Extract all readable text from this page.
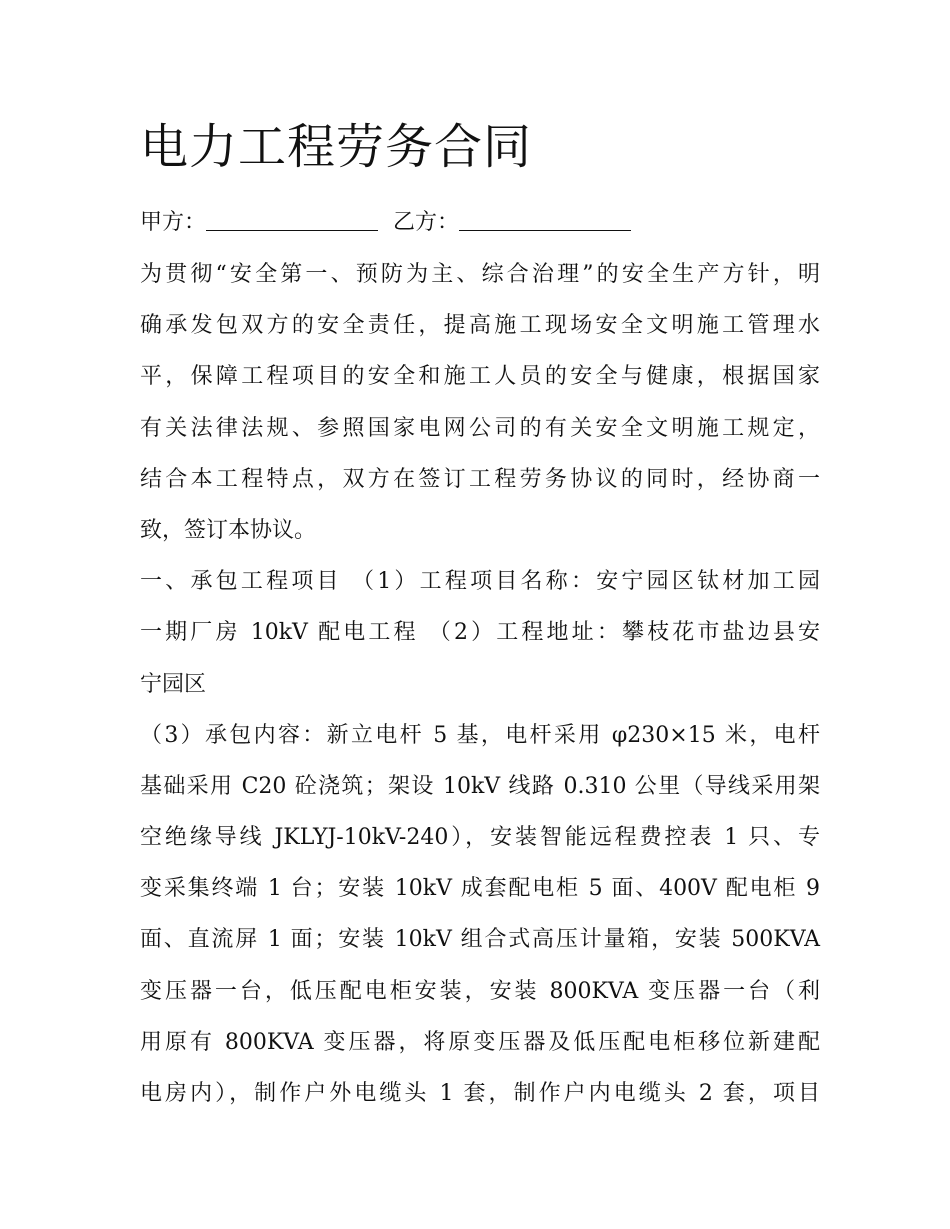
电力工程劳务合同
甲方：	乙方：
为贯彻“安全第一、预防为主、综合治理”的安全生产方针，明
确承发包双方的安全责任，提高施工现场安全文明施工管理水
平，保障工程项目的安全和施工人员的安全与健康，根据国家
有关法律法规、参照国家电网公司的有关安全文明施工规定，
结合本工程特点，双方在签订工程劳务协议的同时，经协商一
致，签订本协议。
一、承包工程项目 （1）工程项目名称：安宁园区钛材加工园
一期厂房 10kV 配电工程 （2）工程地址：攀枝花市盐边县安
宁园区
（3）承包内容：新立电杆 5 基，电杆采用 φ230×15 米，电杆
基础采用 C20 砼浇筑；架设 10kV 线路 0.310 公里（导线采用架
空绝缘导线 JKLYJ-10kV-240），安装智能远程费控表 1 只、专
变采集终端 1 台；安装 10kV 成套配电柜 5 面、400V 配电柜 9
面、直流屏 1 面；安装 10kV 组合式高压计量箱，安装 500KVA
变压器一台，低压配电柜安装，安装 800KVA 变压器一台（利
用原有 800KVA 变压器，将原变压器及低压配电柜移位新建配
电房内），制作户外电缆头 1 套，制作户内电缆头 2 套，项目
